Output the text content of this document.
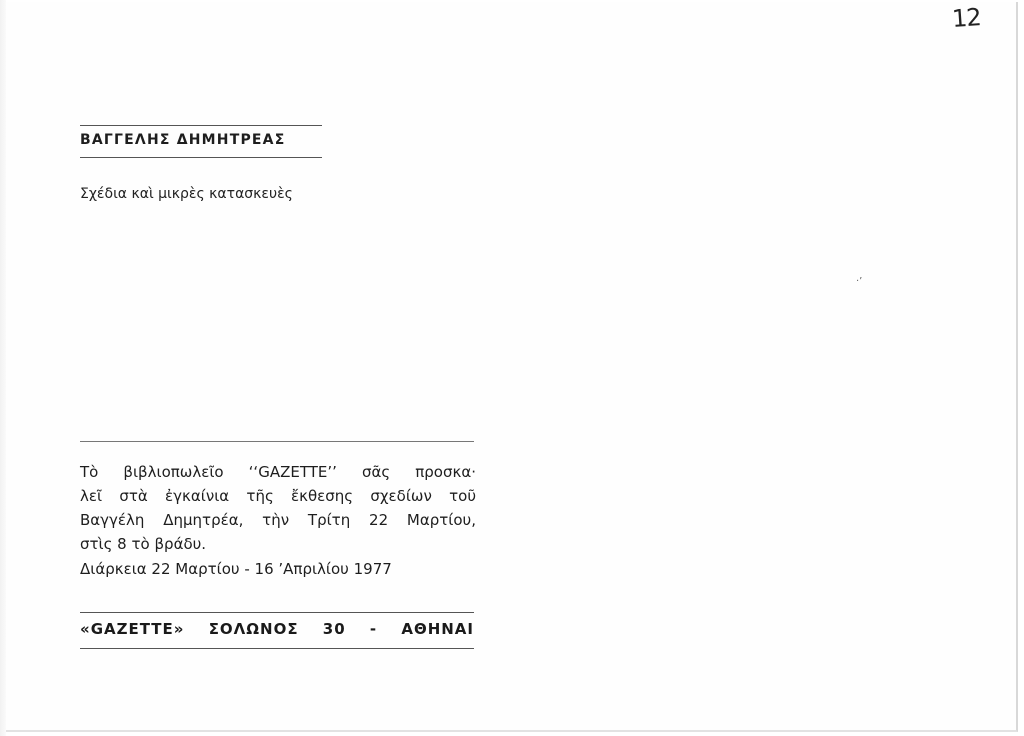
12
ΒΑΓΓΕΛΗΣ ΔΗΜΗΤΡΕΑΣ
Σχέδια καὶ μικρὲς κατασκευὲς
·’
Τὸ βιβλιοπωλεῖο ‘‘GAZETTE’’ σᾶς προσκα·
λεῖ στὰ ἐγκαίνια τῆς ἔκθεσης σχεδίων τοῦ
Βαγγέλη Δημητρέα, τὴν Τρίτη 22 Μαρτίου,
στὶς 8 τὸ βράδυ.
Διάρκεια 22 Μαρτίου - 16 ’Απριλίου 1977
«GAZETTE» ΣΟΛΩΝΟΣ 30 - ΑΘΗΝΑΙ
